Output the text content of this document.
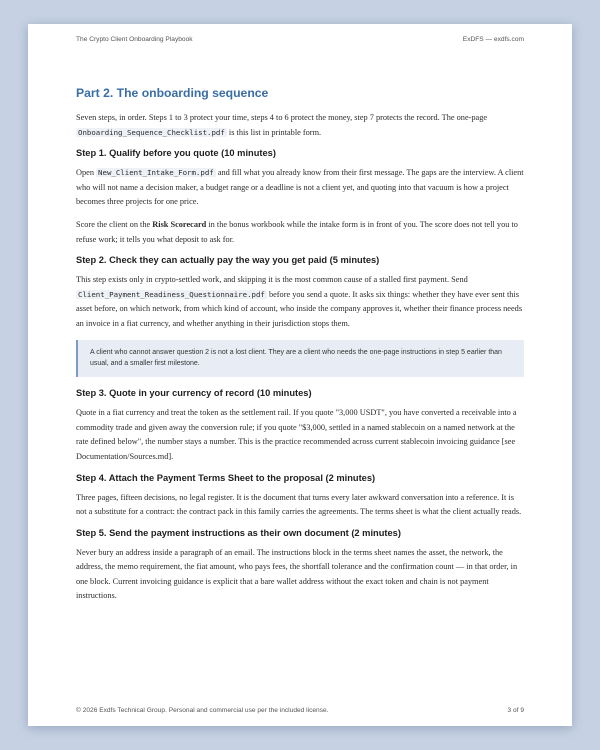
The Crypto Client Onboarding Playbook	ExDFS — exdfs.com
Part 2. The onboarding sequence

Seven steps, in order. Steps 1 to 3 protect your time, steps 4 to 6 protect the money, step 7 protects the record. The one-page Onboarding_Sequence_Checklist.pdf is this list in printable form.

Step 1. Qualify before you quote (10 minutes)

Open New_Client_Intake_Form.pdf and fill what you already know from their first message. The gaps are the interview. A client who will not name a decision maker, a budget range or a deadline is not a client yet, and quoting into that vacuum is how a project becomes three projects for one price.

Score the client on the Risk Scorecard in the bonus workbook while the intake form is in front of you. The score does not tell you to refuse work; it tells you what deposit to ask for.

Step 2. Check they can actually pay the way you get paid (5 minutes)

This step exists only in crypto-settled work, and skipping it is the most common cause of a stalled first payment. Send Client_Payment_Readiness_Questionnaire.pdf before you send a quote. It asks six things: whether they have ever sent this asset before, on which network, from which kind of account, who inside the company approves it, whether their finance process needs an invoice in a fiat currency, and whether anything in their jurisdiction stops them.

A client who cannot answer question 2 is not a lost client. They are a client who needs the one-page instructions in step 5 earlier than usual, and a smaller first milestone.

Step 3. Quote in your currency of record (10 minutes)

Quote in a fiat currency and treat the token as the settlement rail. If you quote "3,000 USDT", you have converted a receivable into a commodity trade and given away the conversion rule; if you quote "$3,000, settled in a named stablecoin on a named network at the rate defined below", the number stays a number. This is the practice recommended across current stablecoin invoicing guidance [see Documentation/Sources.md].

Step 4. Attach the Payment Terms Sheet to the proposal (2 minutes)

Three pages, fifteen decisions, no legal register. It is the document that turns every later awkward conversation into a reference. It is not a substitute for a contract: the contract pack in this family carries the agreements. The terms sheet is what the client actually reads.

Step 5. Send the payment instructions as their own document (2 minutes)

Never bury an address inside a paragraph of an email. The instructions block in the terms sheet names the asset, the network, the address, the memo requirement, the fiat amount, who pays fees, the shortfall tolerance and the confirmation count — in that order, in one block. Current invoicing guidance is explicit that a bare wallet address without the exact token and chain is not payment instructions.

© 2026 Exdfs Technical Group. Personal and commercial use per the included license.	3 of 9
